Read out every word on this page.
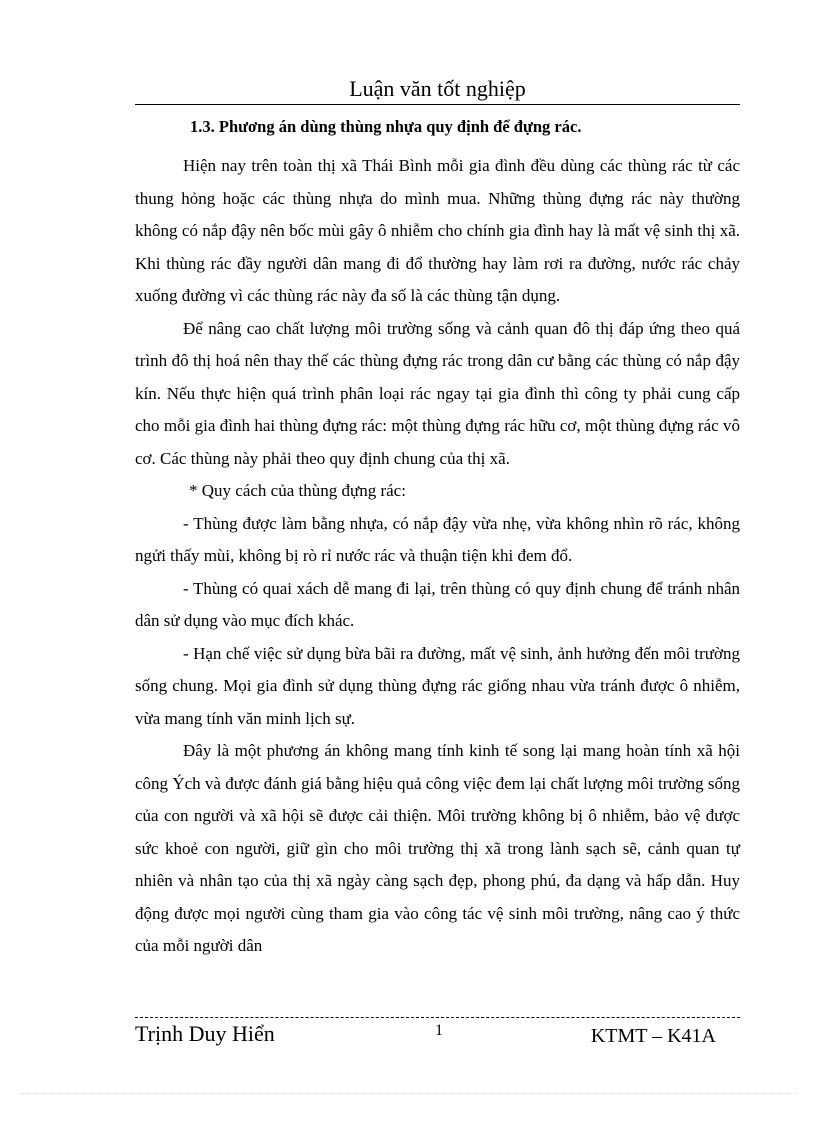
Luận văn tốt nghiệp
1.3. Phương án dùng thùng nhựa quy định để đựng rác.

Hiện nay trên toàn thị xã Thái Bình mỗi gia đình đều dùng các thùng rác từ các thung hỏng hoặc các thùng nhựa do mình mua. Những thùng đựng rác này thường không có nắp đậy nên bốc mùi gây ô nhiễm cho chính gia đình hay là mất vệ sinh thị xã. Khi thùng rác đầy người dân mang đi đổ thường hay làm rơi ra đường, nước rác chảy xuống đường vì các thùng rác này đa số là các thùng tận dụng.

Để nâng cao chất lượng môi trường sống và cảnh quan đô thị đáp ứng theo quá trình đô thị hoá nên thay thế các thùng đựng rác trong dân cư bằng các thùng có nắp đậy kín. Nếu thực hiện quá trình phân loại rác ngay tại gia đình thì công ty phải cung cấp cho mỗi gia đình hai thùng đựng rác: một thùng đựng rác hữu cơ, một thùng đựng rác vô cơ. Các thùng này phải theo quy định chung của thị xã.

* Quy cách của thùng đựng rác:

- Thùng được làm bằng nhựa, có nắp đậy vừa nhẹ, vừa không nhìn rõ rác, không ngửi thấy mùi, không bị rò rỉ nước rác và thuận tiện khi đem đổ.

- Thùng có quai xách dễ mang đi lại, trên thùng có quy định chung để tránh nhân dân sử dụng vào mục đích khác.

- Hạn chế việc sử dụng bừa bãi ra đường, mất vệ sinh, ảnh hưởng đến môi trường sống chung. Mọi gia đình sử dụng thùng đựng rác giống nhau vừa tránh được ô nhiễm, vừa mang tính văn minh lịch sự.

Đây là một phương án không mang tính kinh tế song lại mang hoàn tính xã hội công Ých và được đánh giá bằng hiệu quả công việc đem lại chất lượng môi trường sống của con người và xã hội sẽ được cải thiện. Môi trường không bị ô nhiễm, bảo vệ được sức khoẻ con người, giữ gìn cho môi trường thị xã trong lành sạch sẽ, cảnh quan tự nhiên và nhân tạo của thị xã ngày càng sạch đẹp, phong phú, đa dạng và hấp dẫn. Huy động được mọi người cùng tham gia vào công tác vệ sinh môi trường, nâng cao ý thức của mỗi người dân

Trịnh Duy Hiển	1	KTMT – K41A
